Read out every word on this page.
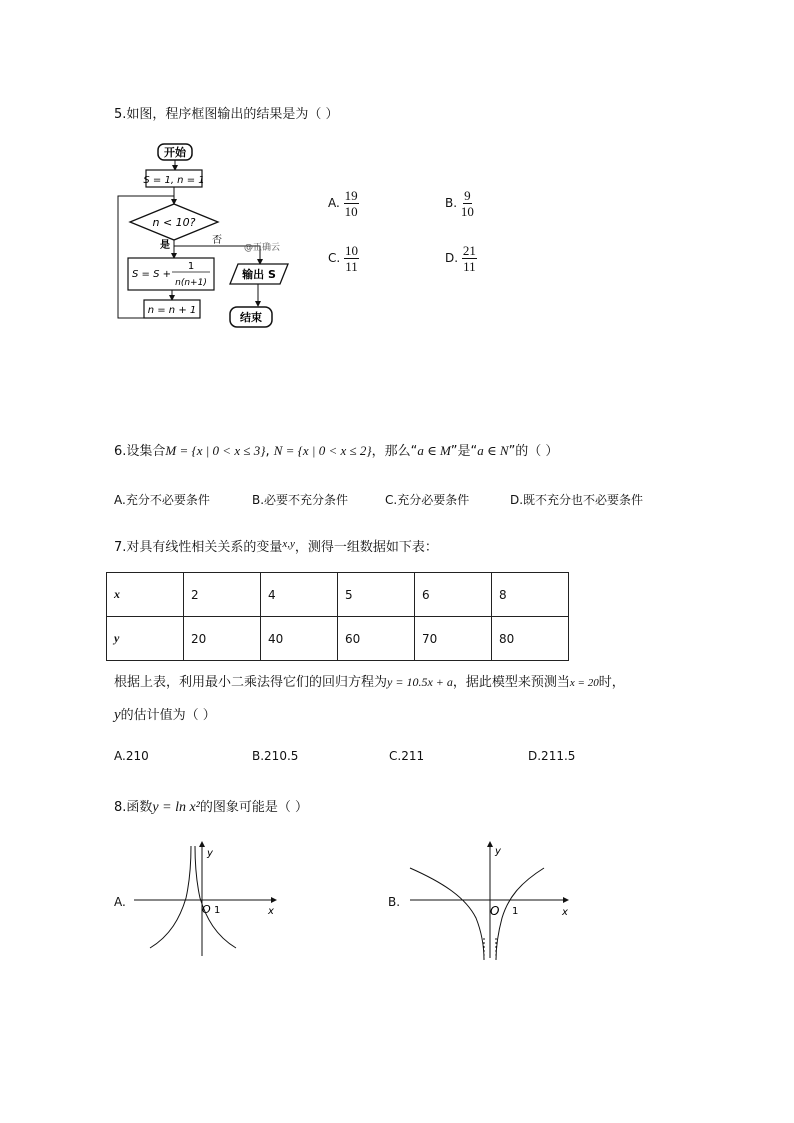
5.如图，程序框图输出的结果是为（ ）
开始
S = 1, n = 1
n < 10?
是	否
@正确云
S = S +
1
n(n+1)
n = n + 1
输出 S
结束
A. $\frac{19}{10}$	B. $\frac{9}{10}$
C. $\frac{10}{11}$	D. $\frac{21}{11}$
6.设集合M = {x | 0 < x ≤ 3}, N = {x | 0 < x ≤ 2}，那么“a ∈ M”是“a ∈ N”的（ ）
A.充分不必要条件	B.必要不充分条件	C.充分必要条件	D.既不充分也不必要条件
7.对具有线性相关关系的变量$^{x,y}$，测得一组数据如下表：
x	2	4	5	6	8
y	20	40	60	70	80
根据上表，利用最小二乘法得它们的回归方程为y = 10.5x + a，据此模型来预测当x = 20时，
y的估计值为（ ）
A.210	B.210.5	C.211	D.211.5
8.函数y = ln x²的图象可能是（ ）
A.
y
x
O 1
B.
y
x
O 1
